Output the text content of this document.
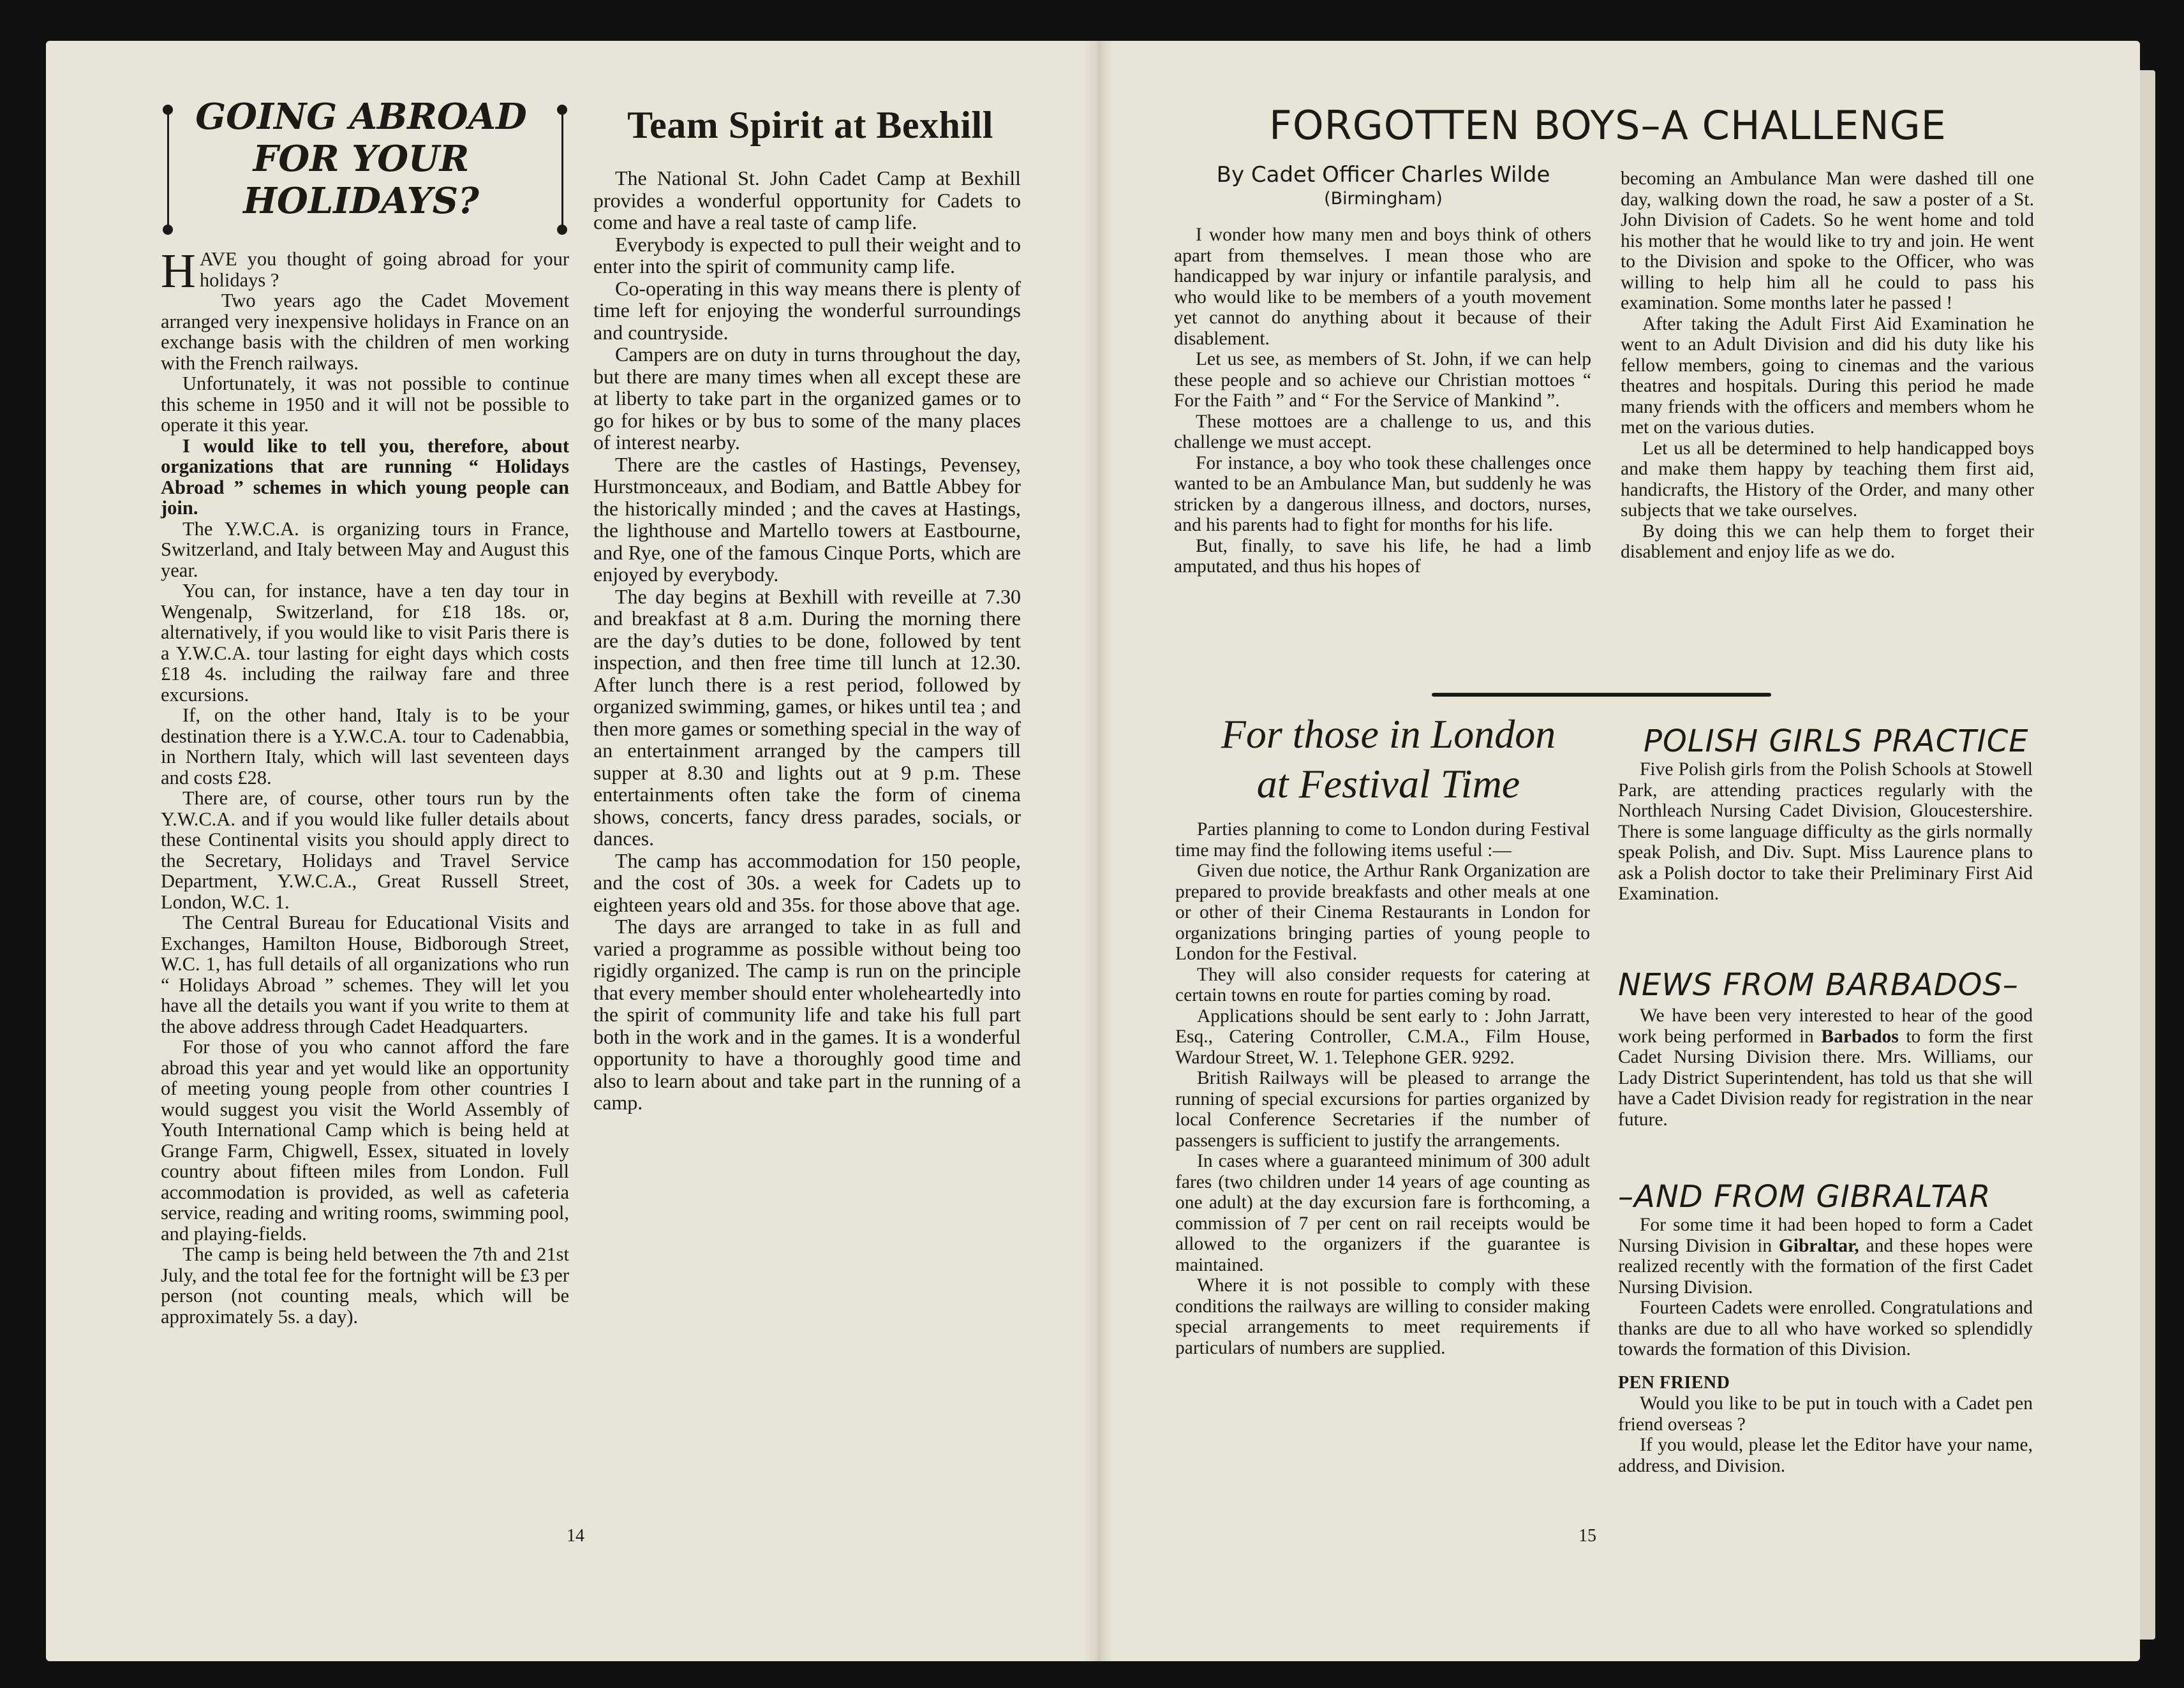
GOING ABROAD FOR YOUR HOLIDAYS?

HAVE you thought of going abroad for your holidays ?

Two years ago the Cadet Movement arranged very inexpensive holidays in France on an exchange basis with the children of men working with the French railways.

Unfortunately, it was not possible to continue this scheme in 1950 and it will not be possible to operate it this year.

I would like to tell you, therefore, about organizations that are running “ Holidays Abroad ” schemes in which young people can join.

The Y.W.C.A. is organizing tours in France, Switzerland, and Italy between May and August this year.

You can, for instance, have a ten day tour in Wengenalp, Switzerland, for £18 18s. or, alternatively, if you would like to visit Paris there is a Y.W.C.A. tour lasting for eight days which costs £18 4s. including the railway fare and three excursions.

If, on the other hand, Italy is to be your destination there is a Y.W.C.A. tour to Cadenabbia, in Northern Italy, which will last seventeen days and costs £28.

There are, of course, other tours run by the Y.W.C.A. and if you would like fuller details about these Continental visits you should apply direct to the Secretary, Holidays and Travel Service Department, Y.W.C.A., Great Russell Street, London, W.C. 1.

The Central Bureau for Educational Visits and Exchanges, Hamilton House, Bidborough Street, W.C. 1, has full details of all organizations who run “ Holidays Abroad ” schemes. They will let you have all the details you want if you write to them at the above address through Cadet Headquarters.

For those of you who cannot afford the fare abroad this year and yet would like an opportunity of meeting young people from other countries I would suggest you visit the World Assembly of Youth International Camp which is being held at Grange Farm, Chigwell, Essex, situated in lovely country about fifteen miles from London. Full accommodation is provided, as well as cafeteria service, reading and writing rooms, swimming pool, and playing-fields.

The camp is being held between the 7th and 21st July, and the total fee for the fortnight will be £3 per person (not counting meals, which will be approximately 5s. a day).

Team Spirit at Bexhill

The National St. John Cadet Camp at Bexhill provides a wonderful opportunity for Cadets to come and have a real taste of camp life.

Everybody is expected to pull their weight and to enter into the spirit of community camp life.

Co-operating in this way means there is plenty of time left for enjoying the wonderful surroundings and countryside.

Campers are on duty in turns throughout the day, but there are many times when all except these are at liberty to take part in the organized games or to go for hikes or by bus to some of the many places of interest nearby.

There are the castles of Hastings, Pevensey, Hurstmonceaux, and Bodiam, and Battle Abbey for the historically minded ; and the caves at Hastings, the lighthouse and Martello towers at Eastbourne, and Rye, one of the famous Cinque Ports, which are enjoyed by everybody.

The day begins at Bexhill with reveille at 7.30 and breakfast at 8 a.m. During the morning there are the day’s duties to be done, followed by tent inspection, and then free time till lunch at 12.30. After lunch there is a rest period, followed by organized swimming, games, or hikes until tea ; and then more games or something special in the way of an entertainment arranged by the campers till supper at 8.30 and lights out at 9 p.m. These entertainments often take the form of cinema shows, concerts, fancy dress parades, socials, or dances.

The camp has accommodation for 150 people, and the cost of 30s. a week for Cadets up to eighteen years old and 35s. for those above that age.

The days are arranged to take in as full and varied a programme as possible without being too rigidly organized. The camp is run on the principle that every member should enter wholeheartedly into the spirit of community life and take his full part both in the work and in the games. It is a wonderful opportunity to have a thoroughly good time and also to learn about and take part in the running of a camp.

14
FORGOTTEN BOYS–A CHALLENGE
By Cadet Officer Charles Wilde
(Birmingham)

I wonder how many men and boys think of others apart from themselves. I mean those who are handicapped by war injury or infantile paralysis, and who would like to be members of a youth movement yet cannot do anything about it because of their disablement.

Let us see, as members of St. John, if we can help these people and so achieve our Christian mottoes “ For the Faith ” and “ For the Service of Mankind ”.

These mottoes are a challenge to us, and this challenge we must accept.

For instance, a boy who took these challenges once wanted to be an Ambulance Man, but suddenly he was stricken by a dangerous illness, and doctors, nurses, and his parents had to fight for months for his life.

But, finally, to save his life, he had a limb amputated, and thus his hopes of

becoming an Ambulance Man were dashed till one day, walking down the road, he saw a poster of a St. John Division of Cadets. So he went home and told his mother that he would like to try and join. He went to the Division and spoke to the Officer, who was willing to help him all he could to pass his examination. Some months later he passed !

After taking the Adult First Aid Examination he went to an Adult Division and did his duty like his fellow members, going to cinemas and the various theatres and hospitals. During this period he made many friends with the officers and members whom he met on the various duties.

Let us all be determined to help handicapped boys and make them happy by teaching them first aid, handicrafts, the History of the Order, and many other subjects that we take ourselves.

By doing this we can help them to forget their disablement and enjoy life as we do.

For those in London
at Festival Time

Parties planning to come to London during Festival time may find the following items useful :—

Given due notice, the Arthur Rank Organization are prepared to provide breakfasts and other meals at one or other of their Cinema Restaurants in London for organizations bringing parties of young people to London for the Festival.

They will also consider requests for catering at certain towns en route for parties coming by road.

Applications should be sent early to : John Jarratt, Esq., Catering Controller, C.M.A., Film House, Wardour Street, W. 1. Telephone GER. 9292.

British Railways will be pleased to arrange the running of special excursions for parties organized by local Conference Secretaries if the number of passengers is sufficient to justify the arrangements.

In cases where a guaranteed minimum of 300 adult fares (two children under 14 years of age counting as one adult) at the day excursion fare is forthcoming, a commission of 7 per cent on rail receipts would be allowed to the organizers if the guarantee is maintained.

Where it is not possible to comply with these conditions the railways are willing to consider making special arrangements to meet requirements if particulars of numbers are supplied.

POLISH GIRLS PRACTICE

Five Polish girls from the Polish Schools at Stowell Park, are attending practices regularly with the Northleach Nursing Cadet Division, Gloucestershire. There is some language difficulty as the girls normally speak Polish, and Div. Supt. Miss Laurence plans to ask a Polish doctor to take their Preliminary First Aid Examination.

NEWS FROM BARBADOS–

We have been very interested to hear of the good work being performed in Barbados to form the first Cadet Nursing Division there. Mrs. Williams, our Lady District Superintendent, has told us that she will have a Cadet Division ready for registration in the near future.

–AND FROM GIBRALTAR

For some time it had been hoped to form a Cadet Nursing Division in Gibraltar, and these hopes were realized recently with the formation of the first Cadet Nursing Division.

Fourteen Cadets were enrolled. Congratulations and thanks are due to all who have worked so splendidly towards the formation of this Division.

PEN FRIEND

Would you like to be put in touch with a Cadet pen friend overseas ?

If you would, please let the Editor have your name, address, and Division.

15
